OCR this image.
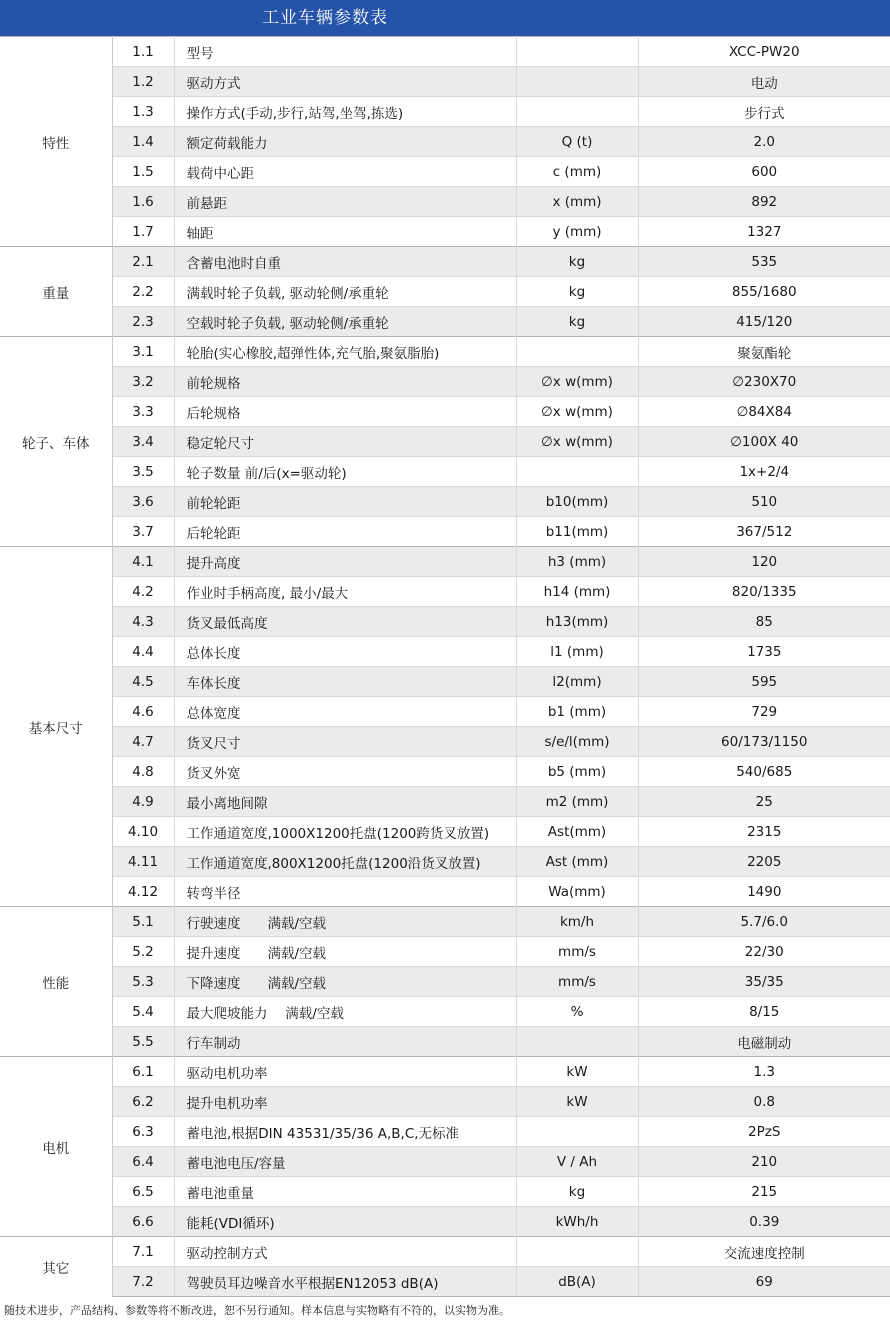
工业车辆参数表
特性	1.1	型号		XCC-PW20
	1.2	驱动方式		电动
	1.3	操作方式(手动,步行,站驾,坐驾,拣选)		步行式
	1.4	额定荷载能力	Q (t)	2.0
	1.5	载荷中心距	c (mm)	600
	1.6	前悬距	x (mm)	892
	1.7	轴距	y (mm)	1327
重量	2.1	含蓄电池时自重	kg	535
	2.2	满载时轮子负载, 驱动轮侧/承重轮	kg	855/1680
	2.3	空载时轮子负载, 驱动轮侧/承重轮	kg	415/120
轮子、车体	3.1	轮胎(实心橡胶,超弹性体,充气胎,聚氨脂胎)		聚氨酯轮
	3.2	前轮规格	∅x w(mm)	∅230X70
	3.3	后轮规格	∅x w(mm)	∅84X84
	3.4	稳定轮尺寸	∅x w(mm)	∅100X 40
	3.5	轮子数量 前/后(x=驱动轮)		1x+2/4
	3.6	前轮轮距	b10(mm)	510
	3.7	后轮轮距	b11(mm)	367/512
基本尺寸	4.1	提升高度	h3 (mm)	120
	4.2	作业时手柄高度, 最小/最大	h14 (mm)	820/1335
	4.3	货叉最低高度	h13(mm)	85
	4.4	总体长度	l1 (mm)	1735
	4.5	车体长度	l2(mm)	595
	4.6	总体宽度	b1 (mm)	729
	4.7	货叉尺寸	s/e/l(mm)	60/173/1150
	4.8	货叉外宽	b5 (mm)	540/685
	4.9	最小离地间隙	m2 (mm)	25
	4.10	工作通道宽度,1000X1200托盘(1200跨货叉放置)	Ast(mm)	2315
	4.11	工作通道宽度,800X1200托盘(1200沿货叉放置)	Ast (mm)	2205
	4.12	转弯半径	Wa(mm)	1490
性能	5.1	行驶速度　　满载/空载	km/h	5.7/6.0
	5.2	提升速度　　满载/空载	mm/s	22/30
	5.3	下降速度　　满载/空载	mm/s	35/35
	5.4	最大爬坡能力　 满载/空载	%	8/15
	5.5	行车制动		电磁制动
电机	6.1	驱动电机功率	kW	1.3
	6.2	提升电机功率	kW	0.8
	6.3	蓄电池,根据DIN 43531/35/36 A,B,C,无标准		2PzS
	6.4	蓄电池电压/容量	V / Ah	210
	6.5	蓄电池重量	kg	215
	6.6	能耗(VDI循环)	kWh/h	0.39
其它	7.1	驱动控制方式		交流速度控制
	7.2	驾驶员耳边噪音水平根据EN12053 dB(A)	dB(A)	69
随技术进步，产品结构、参数等将不断改进，恕不另行通知。样本信息与实物略有不符的，以实物为准。
